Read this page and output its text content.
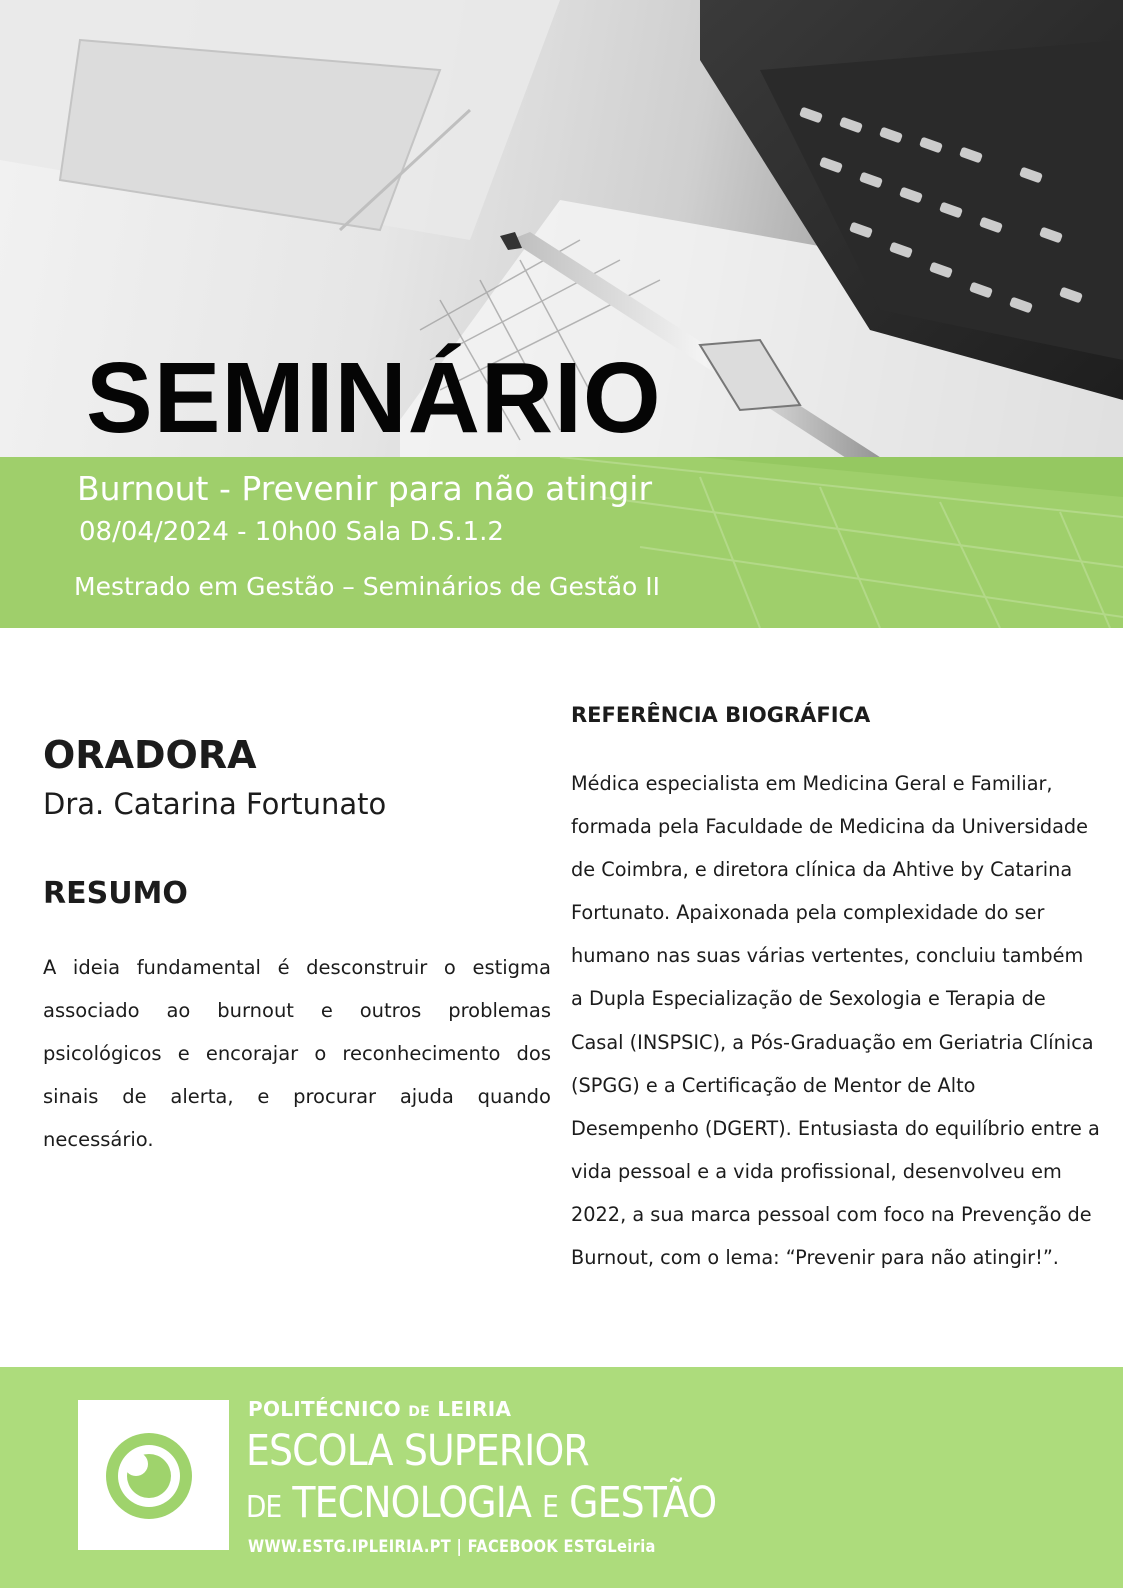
SEMINÁRIO
Burnout - Prevenir para não atingir
08/04/2024 - 10h00 Sala D.S.1.2
Mestrado em Gestão – Seminários de Gestão II
ORADORA
Dra. Catarina Fortunato
RESUMO

A ideia fundamental é desconstruir o estigma associado ao burnout e outros problemas psicológicos e encorajar o reconhecimento dos sinais de alerta, e procurar ajuda quando necessário.

REFERÊNCIA BIOGRÁFICA

Médica especialista em Medicina Geral e Familiar, formada pela Faculdade de Medicina da Universidade de Coimbra, e diretora clínica da Ahtive by Catarina Fortunato. Apaixonada pela complexidade do ser humano nas suas várias vertentes, concluiu também a Dupla Especialização de Sexologia e Terapia de Casal (INSPSIC), a Pós-Graduação em Geriatria Clínica (SPGG) e a Certificação de Mentor de Alto Desempenho (DGERT). Entusiasta do equilíbrio entre a vida pessoal e a vida profissional, desenvolveu em 2022, a sua marca pessoal com foco na Prevenção de Burnout, com o lema: “Prevenir para não atingir!”.

POLITÉCNICO DE LEIRIA
ESCOLA SUPERIOR
DE TECNOLOGIA E GESTÃO
WWW.ESTG.IPLEIRIA.PT | FACEBOOK ESTGLeiria
